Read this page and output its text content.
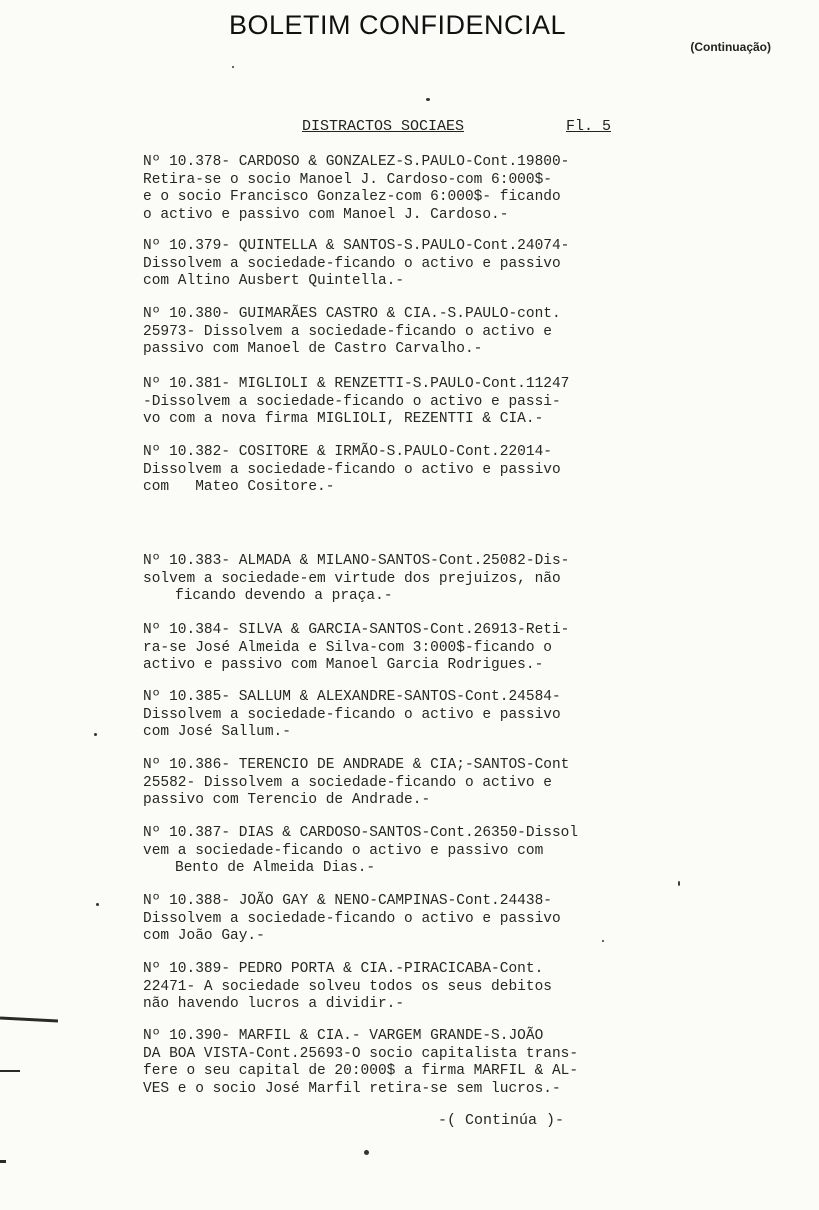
BOLETIM CONFIDENCIAL
(Continuação)
DISTRACTOS SOCIAES	Fl. 5
Nº 10.378- CARDOSO & GONZALEZ-S.PAULO-Cont.19800-
Retira-se o socio Manoel J. Cardoso-com 6:000$-
e o socio Francisco Gonzalez-com 6:000$- ficando
o activo e passivo com Manoel J. Cardoso.-
Nº 10.379- QUINTELLA & SANTOS-S.PAULO-Cont.24074-
Dissolvem a sociedade-ficando o activo e passivo
com Altino Ausbert Quintella.-
Nº 10.380- GUIMARÃES CASTRO & CIA.-S.PAULO-cont.
25973- Dissolvem a sociedade-ficando o activo e
passivo com Manoel de Castro Carvalho.-
Nº 10.381- MIGLIOLI & RENZETTI-S.PAULO-Cont.11247
-Dissolvem a sociedade-ficando o activo e passi-
vo com a nova firma MIGLIOLI, REZENTTI & CIA.-
Nº 10.382- COSITORE & IRMÃO-S.PAULO-Cont.22014-
Dissolvem a sociedade-ficando o activo e passivo
com   Mateo Cositore.-
Nº 10.383- ALMADA & MILANO-SANTOS-Cont.25082-Dis-
solvem a sociedade-em virtude dos prejuizos, não
ficando devendo a praça.-
Nº 10.384- SILVA & GARCIA-SANTOS-Cont.26913-Reti-
ra-se José Almeida e Silva-com 3:000$-ficando o
activo e passivo com Manoel Garcia Rodrigues.-
Nº 10.385- SALLUM & ALEXANDRE-SANTOS-Cont.24584-
Dissolvem a sociedade-ficando o activo e passivo
com José Sallum.-
Nº 10.386- TERENCIO DE ANDRADE & CIA;-SANTOS-Cont
25582- Dissolvem a sociedade-ficando o activo e
passivo com Terencio de Andrade.-
Nº 10.387- DIAS & CARDOSO-SANTOS-Cont.26350-Dissol
vem a sociedade-ficando o activo e passivo com
Bento de Almeida Dias.-
Nº 10.388- JOÃO GAY & NENO-CAMPINAS-Cont.24438-
Dissolvem a sociedade-ficando o activo e passivo
com João Gay.-
Nº 10.389- PEDRO PORTA & CIA.-PIRACICABA-Cont.
22471- A sociedade solveu todos os seus debitos
não havendo lucros a dividir.-
Nº 10.390- MARFIL & CIA.- VARGEM GRANDE-S.JOÃO
DA BOA VISTA-Cont.25693-O socio capitalista trans-
fere o seu capital de 20:000$ a firma MARFIL & AL-
VES e o socio José Marfil retira-se sem lucros.-
-( Continúa )-
